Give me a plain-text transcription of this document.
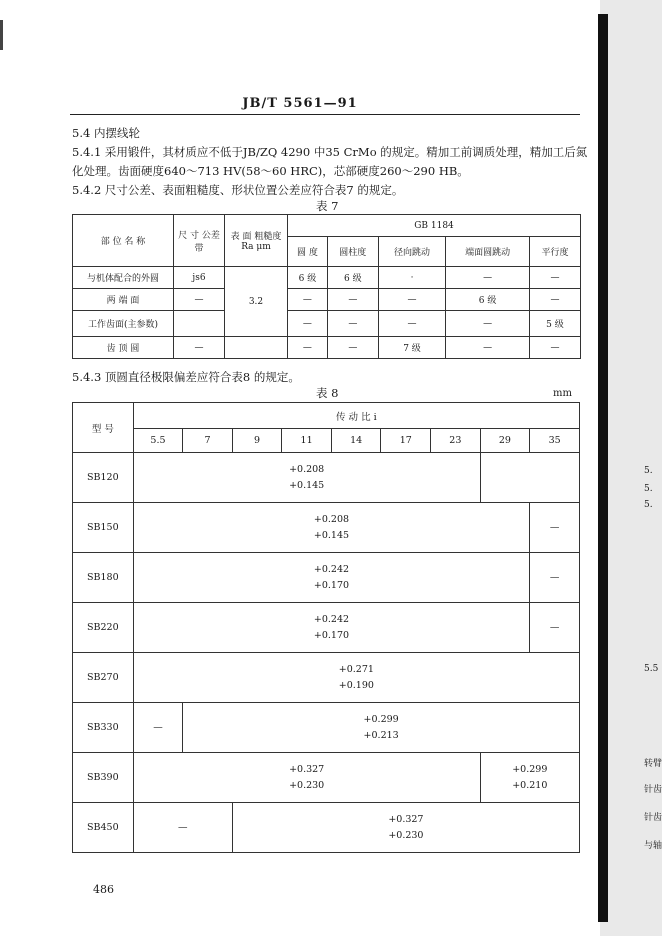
JB/T 5561—91
5.4 内摆线轮
5.4.1 采用锻件，其材质应不低于JB/ZQ 4290 中35 CrMo 的规定。精加工前调质处理，精加工后氮化处理。齿面硬度640～713 HV(58～60 HRC)，芯部硬度260～290 HB。
5.4.2 尺寸公差、表面粗糙度、形状位置公差应符合表7 的规定。
表 7
部 位 名 称	尺 寸 公差带	表 面 粗糙度 Ra μm	GB 1184				
			圆 度	圆柱度	径向跳动	端面圆跳动	平行度
与机体配合的外圆	js6	3.2	6 级	6 级	·	—	—
两 端 面	—		—	—	—	6 级	—
工作齿面(主参数)			—	—	—	—	5 级
齿 顶 圆	—		—	—	7 级	—	—
5.4.3 顶圆直径极限偏差应符合表8 的规定。
表 8	mm
型 号	传 动 比 i								
	5.5	7	9	11	14	17	23	29	35
SB120	+0.208
+0.145								
SB150	+0.208
+0.145								—
SB180	+0.242
+0.170								—
SB220	+0.242
+0.170								—
SB270	+0.271
+0.190								
SB330	—	+0.299
+0.213							
SB390	+0.327
+0.230							+0.299
+0.210	
SB450	—		+0.327
+0.230						
5.
5.
5.
5.5
转臂
针齿
针齿
与轴
486
